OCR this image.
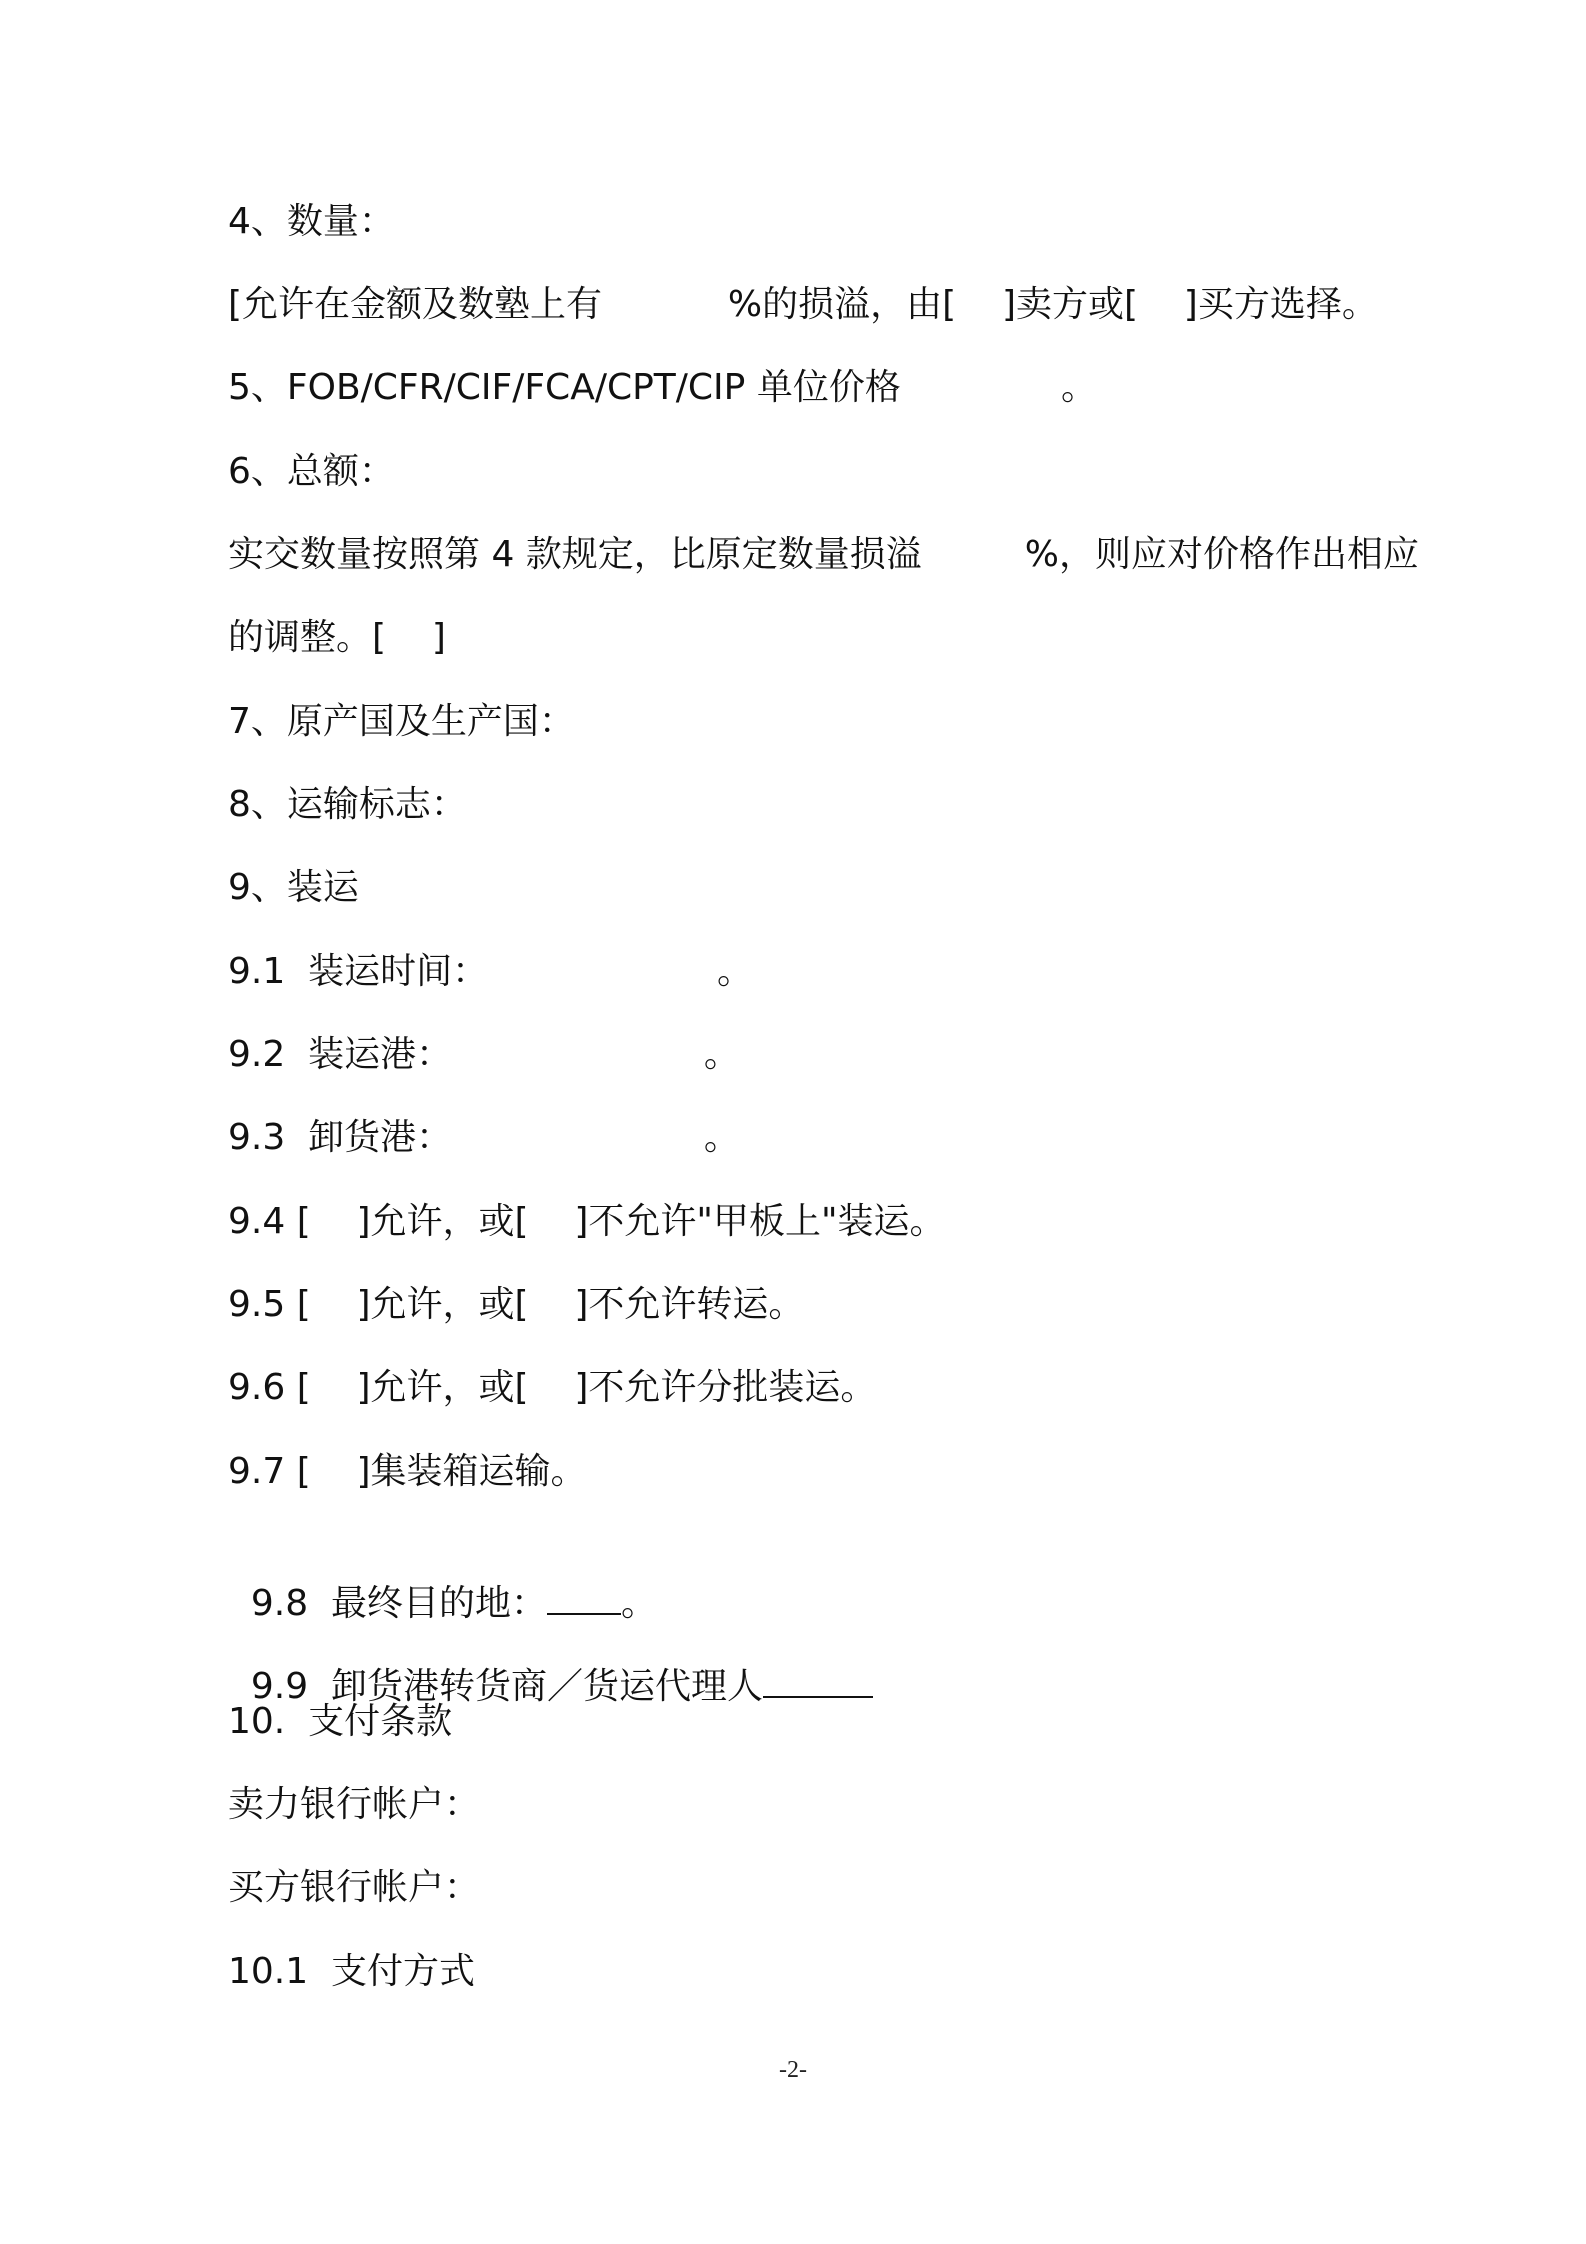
4、数量：

[允许在金额及数塾上有           %的损溢，由[    ]卖方或[    ]买方选择。

5、FOB/CFR/CIF/FCA/CPT/CIP 单位价格              。

6、总额：

实交数量按照第 4 款规定，比原定数量损溢         %，则应对价格作出相应

的调整。[    ]

7、原产国及生产国：

8、运输标志：

9、装运

9.1  装运时间：                    。

9.2  装运港：                      。

9.3  卸货港：                      。

9.4 [    ]允许，或[    ]不允许"甲板上"装运。

9.5 [    ]允许，或[    ]不允许转运。

9.6 [    ]允许，或[    ]不允许分批装运。

9.7 [    ]集装箱运输。

9.8  最终目的地： 。

9.9  卸货港转货商／货运代理人

10.  支付条款

卖力银行帐户：

买方银行帐户：

10.1  支付方式

-2-
